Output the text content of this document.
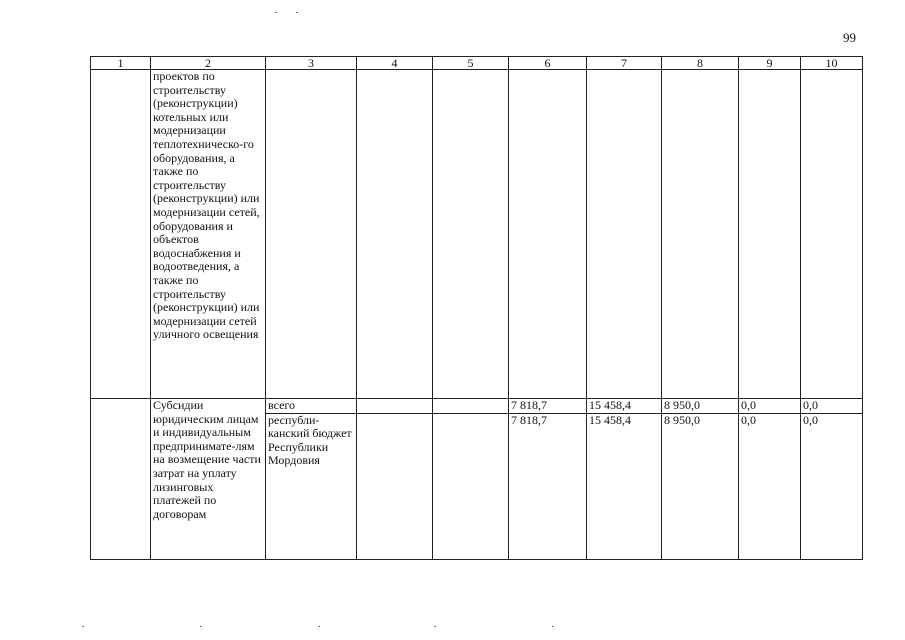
99
1	2	3	4	5	6	7	8	9	10
	проектов по строительству (реконструкции) котельных или модернизации теплотехническо-го оборудования, а также по строительству (реконструкции) или модернизации сетей, оборудования и объектов водоснабжения и водоотведения, а также по строительству (реконструкции) или модернизации сетей уличного освещения								
	Субсидии юридическим лицам и индивидуальным предпринимате-лям на возмещение части затрат на уплату лизинговых платежей по договорам	всего			7 818,7	15 458,4	8 950,0	0,0	0,0
		республи-канский бюджет Республики Мордовия			7 818,7	15 458,4	8 950,0	0,0	0,0
